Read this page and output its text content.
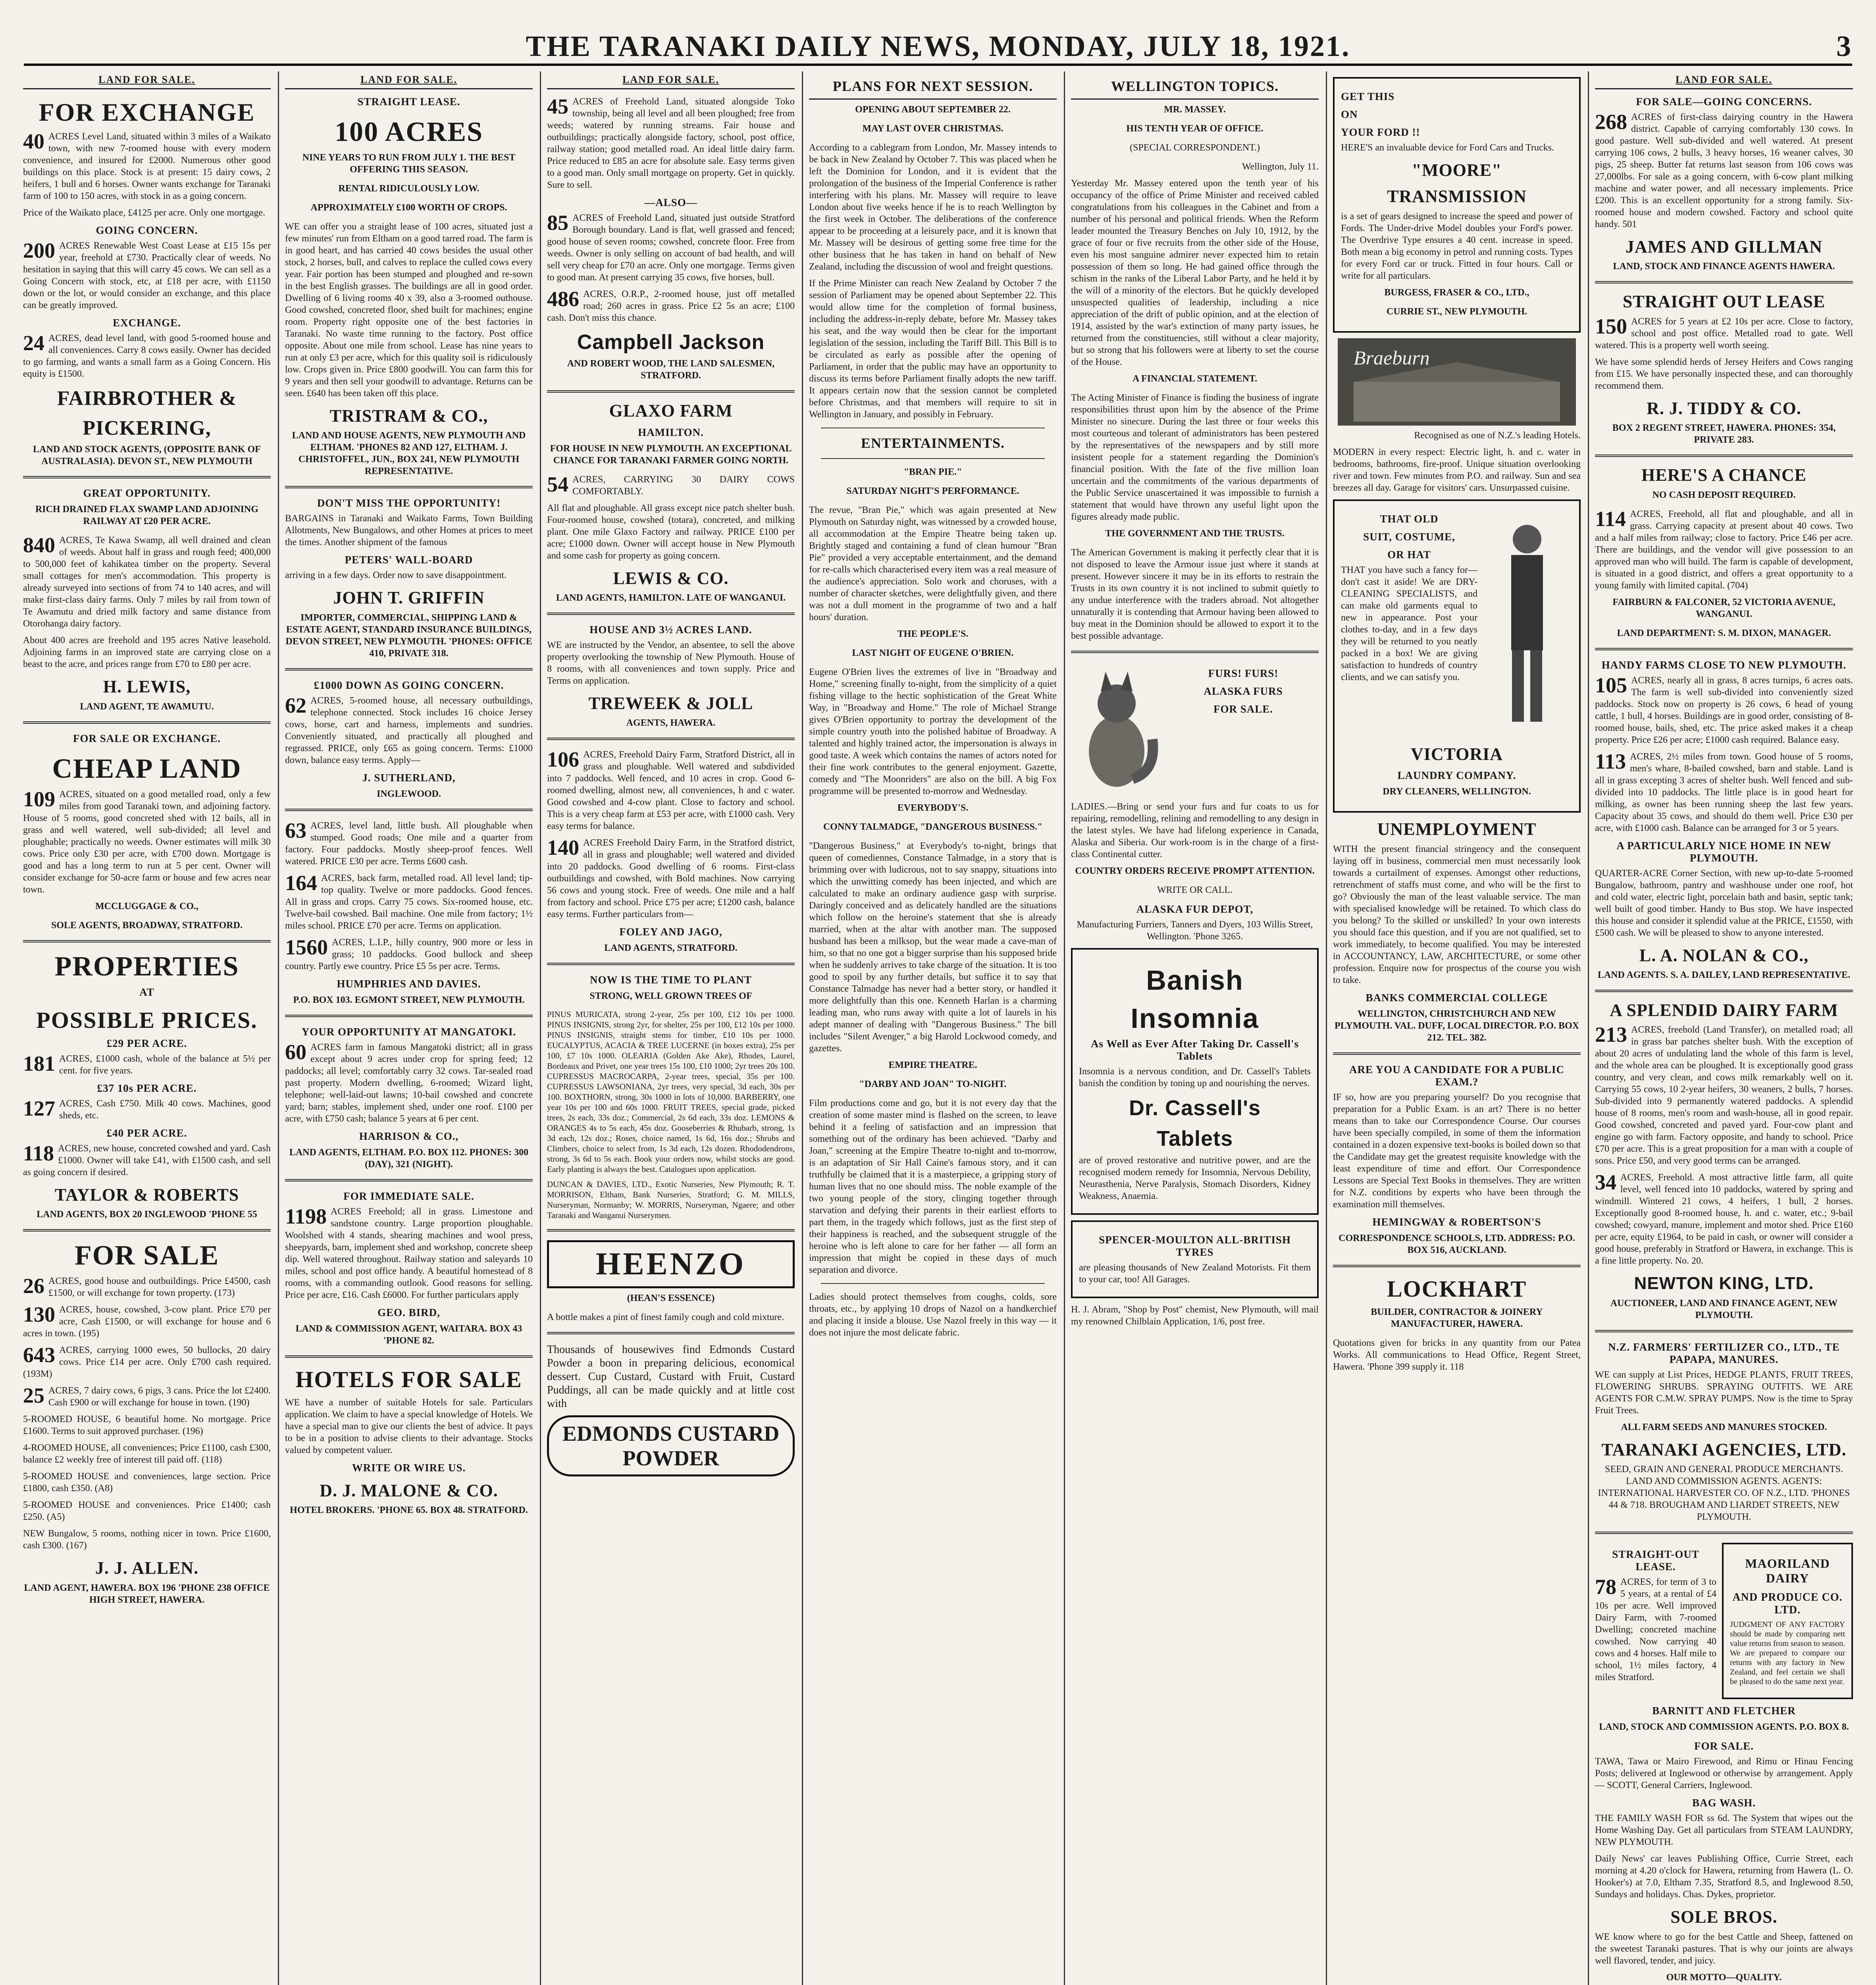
THE TARANAKI DAILY NEWS, MONDAY, JULY 18, 1921.	3
LAND FOR SALE.
FOR EXCHANGE

40 ACRES Level Land, situated within 3 miles of a Waikato town, with new 7-roomed house with every modern convenience, and insured for £2000. Numerous other good buildings on this place. Stock is at present: 15 dairy cows, 2 heifers, 1 bull and 6 horses. Owner wants exchange for Taranaki farm of 100 to 150 acres, with stock in as a going concern.

Price of the Waikato place, £4125 per acre. Only one mortgage.

GOING CONCERN.

200 ACRES Renewable West Coast Lease at £15 15s per year, freehold at £730. Practically clear of weeds. No hesitation in saying that this will carry 45 cows. We can sell as a Going Concern with stock, etc, at £18 per acre, with £1150 down or the lot, or would consider an exchange, and this place can be greatly improved.

EXCHANGE.

24 ACRES, dead level land, with good 5-roomed house and all conveniences. Carry 8 cows easily. Owner has decided to go farming, and wants a small farm as a Going Concern. His equity is £1500.

FAIRBROTHER &
PICKERING,
LAND AND STOCK AGENTS, (OPPOSITE BANK OF AUSTRALASIA). DEVON ST., NEW PLYMOUTH
GREAT OPPORTUNITY.
RICH DRAINED FLAX SWAMP LAND ADJOINING RAILWAY AT £20 PER ACRE.

840 ACRES, Te Kawa Swamp, all well drained and clean of weeds. About half in grass and rough feed; 400,000 to 500,000 feet of kahikatea timber on the property. Several small cottages for men's accommodation. This property is already surveyed into sections of from 74 to 140 acres, and will make first-class dairy farms. Only 7 miles by rail from town of Te Awamutu and dried milk factory and same distance from Otorohanga dairy factory.

About 400 acres are freehold and 195 acres Native leasehold. Adjoining farms in an improved state are carrying close on a beast to the acre, and prices range from £70 to £80 per acre.

H. LEWIS,
LAND AGENT, TE AWAMUTU.
FOR SALE OR EXCHANGE.
CHEAP LAND

109 ACRES, situated on a good metalled road, only a few miles from good Taranaki town, and adjoining factory. House of 5 rooms, good concreted shed with 12 bails, all in grass and well watered, well sub-divided; all level and ploughable; practically no weeds. Owner estimates will milk 30 cows. Price only £30 per acre, with £700 down. Mortgage is good and has a long term to run at 5 per cent. Owner will consider exchange for 50-acre farm or house and few acres near town.

MCCLUGGAGE & CO.,
SOLE AGENTS, BROADWAY, STRATFORD.
PROPERTIES
AT
POSSIBLE PRICES.
£29 PER ACRE.

181 ACRES, £1000 cash, whole of the balance at 5½ per cent. for five years.

£37 10s PER ACRE.

127 ACRES, Cash £750. Milk 40 cows. Machines, good sheds, etc.

£40 PER ACRE.

118 ACRES, new house, concreted cowshed and yard. Cash £1000. Owner will take £41, with £1500 cash, and sell as going concern if desired.

TAYLOR & ROBERTS
LAND AGENTS, BOX 20 INGLEWOOD 'PHONE 55
FOR SALE

26 ACRES, good house and outbuildings. Price £4500, cash £1500, or will exchange for town property. (173)

130 ACRES, house, cowshed, 3-cow plant. Price £70 per acre, Cash £1500, or will exchange for house and 6 acres in town. (195)

643 ACRES, carrying 1000 ewes, 50 bullocks, 20 dairy cows. Price £14 per acre. Only £700 cash required. (193M)

25 ACRES, 7 dairy cows, 6 pigs, 3 cans. Price the lot £2400. Cash £900 or will exchange for house in town. (190)

5-ROOMED HOUSE, 6 beautiful home. No mortgage. Price £1600. Terms to suit approved purchaser. (196)

4-ROOMED HOUSE, all conveniences; Price £1100, cash £300, balance £2 weekly free of interest till paid off. (118)

5-ROOMED HOUSE and conveniences, large section. Price £1800, cash £350. (A8)

5-ROOMED HOUSE and conveniences. Price £1400; cash £250. (A5)

NEW Bungalow, 5 rooms, nothing nicer in town. Price £1600, cash £300. (167)

J. J. ALLEN.
LAND AGENT, HAWERA. BOX 196 'PHONE 238 OFFICE HIGH STREET, HAWERA.
LAND FOR SALE.
STRAIGHT LEASE.
100 ACRES
NINE YEARS TO RUN FROM JULY 1. THE BEST OFFERING THIS SEASON.
RENTAL RIDICULOUSLY LOW.
APPROXIMATELY £100 WORTH OF CROPS.

WE can offer you a straight lease of 100 acres, situated just a few minutes' run from Eltham on a good tarred road. The farm is in good heart, and has carried 40 cows besides the usual other stock, 2 horses, bull, and calves to replace the culled cows every year. Fair portion has been stumped and ploughed and re-sown in the best English grasses. The buildings are all in good order. Dwelling of 6 living rooms 40 x 39, also a 3-roomed outhouse. Good cowshed, concreted floor, shed built for machines; engine room. Property right opposite one of the best factories in Taranaki. No waste time running to the factory. Post office opposite. About one mile from school. Lease has nine years to run at only £3 per acre, which for this quality soil is ridiculously low. Crops given in. Price £800 goodwill. You can farm this for 9 years and then sell your goodwill to advantage. Returns can be seen. £640 has been taken off this place.

TRISTRAM & CO.,
LAND AND HOUSE AGENTS, NEW PLYMOUTH AND ELTHAM. 'PHONES 82 AND 127, ELTHAM. J. CHRISTOFFEL, JUN., BOX 241, NEW PLYMOUTH REPRESENTATIVE.
DON'T MISS THE OPPORTUNITY!

BARGAINS in Taranaki and Waikato Farms, Town Building Allotments, New Bungalows, and other Homes at prices to meet the times. Another shipment of the famous

PETERS' WALL-BOARD

arriving in a few days. Order now to save disappointment.

JOHN T. GRIFFIN
IMPORTER, COMMERCIAL, SHIPPING LAND & ESTATE AGENT, STANDARD INSURANCE BUILDINGS, DEVON STREET, NEW PLYMOUTH. 'PHONES: OFFICE 410, PRIVATE 318.
£1000 DOWN AS GOING CONCERN.

62 ACRES, 5-roomed house, all necessary outbuildings, telephone connected. Stock includes 16 choice Jersey cows, horse, cart and harness, implements and sundries. Conveniently situated, and practically all ploughed and regrassed. PRICE, only £65 as going concern. Terms: £1000 down, balance easy terms. Apply—

J. SUTHERLAND,
INGLEWOOD.

63 ACRES, level land, little bush. All ploughable when stumped. Good roads; One mile and a quarter from factory. Four paddocks. Mostly sheep-proof fences. Well watered. PRICE £30 per acre. Terms £600 cash.

164 ACRES, back farm, metalled road. All level land; tip-top quality. Twelve or more paddocks. Good fences. All in grass and crops. Carry 75 cows. Six-roomed house, etc. Twelve-bail cowshed. Bail machine. One mile from factory; 1½ miles school. PRICE £70 per acre. Terms on application.

1560 ACRES, L.I.P., hilly country, 900 more or less in grass; 10 paddocks. Good bullock and sheep country. Partly ewe country. Price £5 5s per acre. Terms.

HUMPHRIES AND DAVIES.
P.O. BOX 103. EGMONT STREET, NEW PLYMOUTH.
YOUR OPPORTUNITY AT MANGATOKI.

60 ACRES farm in famous Mangatoki district; all in grass except about 9 acres under crop for spring feed; 12 paddocks; all level; comfortably carry 32 cows. Tar-sealed road past property. Modern dwelling, 6-roomed; Wizard light, telephone; well-laid-out lawns; 10-bail cowshed and concrete yard; barn; stables, implement shed, under one roof. £100 per acre, with £750 cash; balance 5 years at 6 per cent.

HARRISON & CO.,
LAND AGENTS, ELTHAM. P.O. BOX 112. PHONES: 300 (DAY), 321 (NIGHT).
FOR IMMEDIATE SALE.

1198 ACRES Freehold; all in grass. Limestone and sandstone country. Large proportion ploughable. Woolshed with 4 stands, shearing machines and wool press, sheepyards, barn, implement shed and workshop, concrete sheep dip. Well watered throughout. Railway station and saleyards 10 miles, school and post office handy. A beautiful homestead of 8 rooms, with a commanding outlook. Good reasons for selling. Price per acre, £16. Cash £6000. For further particulars apply

GEO. BIRD,
LAND & COMMISSION AGENT, WAITARA. BOX 43 'PHONE 82.
HOTELS FOR SALE

WE have a number of suitable Hotels for sale. Particulars application. We claim to have a special knowledge of Hotels. We have a special man to give our clients the best of advice. It pays to be in a position to advise clients to their advantage. Stocks valued by competent valuer.

WRITE OR WIRE US.
D. J. MALONE & CO.
HOTEL BROKERS. 'PHONE 65. BOX 48. STRATFORD.
LAND FOR SALE.

45 ACRES of Freehold Land, situated alongside Toko township, being all level and all been ploughed; free from weeds; watered by running streams. Fair house and outbuildings; practically alongside factory, school, post office, railway station; good metalled road. An ideal little dairy farm. Price reduced to £85 an acre for absolute sale. Easy terms given to a good man. Only small mortgage on property. Get in quickly. Sure to sell.

—ALSO—

85 ACRES of Freehold Land, situated just outside Stratford Borough boundary. Land is flat, well grassed and fenced; good house of seven rooms; cowshed, concrete floor. Free from weeds. Owner is only selling on account of bad health, and will sell very cheap for £70 an acre. Only one mortgage. Terms given to good man. At present carrying 35 cows, five horses, bull.

486 ACRES, O.R.P., 2-roomed house, just off metalled road; 260 acres in grass. Price £2 5s an acre; £100 cash. Don't miss this chance.

Campbell Jackson
AND ROBERT WOOD, THE LAND SALESMEN, STRATFORD.
GLAXO FARM
HAMILTON.
FOR HOUSE IN NEW PLYMOUTH. AN EXCEPTIONAL CHANCE FOR TARANAKI FARMER GOING NORTH.

54 ACRES, CARRYING 30 DAIRY COWS COMFORTABLY.

All flat and ploughable. All grass except nice patch shelter bush. Four-roomed house, cowshed (totara), concreted, and milking plant. One mile Glaxo Factory and railway. PRICE £100 per acre; £1000 down. Owner will accept house in New Plymouth and some cash for property as going concern.

LEWIS & CO.
LAND AGENTS, HAMILTON. LATE OF WANGANUI.
HOUSE AND 3½ ACRES LAND.

WE are instructed by the Vendor, an absentee, to sell the above property overlooking the township of New Plymouth. House of 8 rooms, with all conveniences and town supply. Price and Terms on application.

TREWEEK & JOLL
AGENTS, HAWERA.

106 ACRES, Freehold Dairy Farm, Stratford District, all in grass and ploughable. Well watered and subdivided into 7 paddocks. Well fenced, and 10 acres in crop. Good 6-roomed dwelling, almost new, all conveniences, h and c water. Good cowshed and 4-cow plant. Close to factory and school. This is a very cheap farm at £53 per acre, with £1000 cash. Very easy terms for balance.

140 ACRES Freehold Dairy Farm, in the Stratford district, all in grass and ploughable; well watered and divided into 20 paddocks. Good dwelling of 6 rooms. First-class outbuildings and cowshed, with Bold machines. Now carrying 56 cows and young stock. Free of weeds. One mile and a half from factory and school. Price £75 per acre; £1200 cash, balance easy terms. Further particulars from—

FOLEY AND JAGO,
LAND AGENTS, STRATFORD.
NOW IS THE TIME TO PLANT
STRONG, WELL GROWN TREES OF

PINUS MURICATA, strong 2-year, 25s per 100, £12 10s per 1000. PINUS INSIGNIS, strong 2yr, for shelter, 25s per 100, £12 10s per 1000. PINUS INSIGNIS, straight stems for timber, £10 10s per 1000. EUCALYPTUS, ACACIA & TREE LUCERNE (in boxes extra), 25s per 100, £7 10s 1000. OLEARIA (Golden Ake Ake), Rhodes, Laurel, Bordeaux and Privet, one year trees 15s 100, £10 1000; 2yr trees 20s 100. CUPRESSUS MACROCARPA, 2-year trees, special, 35s per 100. CUPRESSUS LAWSONIANA, 2yr trees, very special, 3d each, 30s per 100. BOXTHORN, strong, 30s 1000 in lots of 10,000. BARBERRY, one year 10s per 100 and 60s 1000. FRUIT TREES, special grade, picked trees, 2s each, 33s doz.; Commercial, 2s 6d each, 33s doz. LEMONS & ORANGES 4s to 5s each, 45s doz. Gooseberries & Rhubarb, strong, 1s 3d each, 12s doz.; Roses, choice named, 1s 6d, 16s doz.; Shrubs and Climbers, choice to select from, 1s 3d each, 12s dozen. Rhododendrons, strong, 3s 6d to 5s each. Book your orders now, whilst stocks are good. Early planting is always the best. Catalogues upon application.

DUNCAN & DAVIES, LTD., Exotic Nurseries, New Plymouth; R. T. MORRISON, Eltham, Bank Nurseries, Stratford; G. M. MILLS, Nurseryman, Normanby; W. MORRIS, Nurseryman, Ngaere; and other Taranaki and Wanganui Nurserymen.

HEENZO
(HEAN'S ESSENCE)

A bottle makes a pint of finest family cough and cold mixture.

Thousands of housewives find Edmonds Custard Powder a boon in preparing delicious, economical dessert. Cup Custard, Custard with Fruit, Custard Puddings, all can be made quickly and at little cost with

EDMONDS CUSTARD POWDER
PLANS FOR NEXT SESSION.
OPENING ABOUT SEPTEMBER 22.
MAY LAST OVER CHRISTMAS.

According to a cablegram from London, Mr. Massey intends to be back in New Zealand by October 7. This was placed when he left the Dominion for London, and it is evident that the prolongation of the business of the Imperial Conference is rather interfering with his plans. Mr. Massey will require to leave London about five weeks hence if he is to reach Wellington by the first week in October. The deliberations of the conference appear to be proceeding at a leisurely pace, and it is known that Mr. Massey will be desirous of getting some free time for the other business that he has taken in hand on behalf of New Zealand, including the discussion of wool and freight questions.

If the Prime Minister can reach New Zealand by October 7 the session of Parliament may be opened about September 22. This would allow time for the completion of formal business, including the address-in-reply debate, before Mr. Massey takes his seat, and the way would then be clear for the important legislation of the session, including the Tariff Bill. This Bill is to be circulated as early as possible after the opening of Parliament, in order that the public may have an opportunity to discuss its terms before Parliament finally adopts the new tariff. It appears certain now that the session cannot be completed before Christmas, and that members will require to sit in Wellington in January, and possibly in February.

ENTERTAINMENTS.
"BRAN PIE."
SATURDAY NIGHT'S PERFORMANCE.

The revue, "Bran Pie," which was again presented at New Plymouth on Saturday night, was witnessed by a crowded house, all accommodation at the Empire Theatre being taken up. Brightly staged and containing a fund of clean humour "Bran Pie" provided a very acceptable entertainment, and the demand for re-calls which characterised every item was a real measure of the audience's appreciation. Solo work and choruses, with a number of character sketches, were delightfully given, and there was not a dull moment in the programme of two and a half hours' duration.

THE PEOPLE'S.
LAST NIGHT OF EUGENE O'BRIEN.

Eugene O'Brien lives the extremes of live in "Broadway and Home," screening finally to-night, from the simplicity of a quiet fishing village to the hectic sophistication of the Great White Way, in "Broadway and Home." The role of Michael Strange gives O'Brien opportunity to portray the development of the simple country youth into the polished habitue of Broadway. A talented and highly trained actor, the impersonation is always in good taste. A week which contains the names of actors noted for their fine work contributes to the general enjoyment. Gazette, comedy and "The Moonriders" are also on the bill. A big Fox programme will be presented to-morrow and Wednesday.

EVERYBODY'S.
CONNY TALMADGE, "DANGEROUS BUSINESS."

"Dangerous Business," at Everybody's to-night, brings that queen of comediennes, Constance Talmadge, in a story that is brimming over with ludicrous, not to say snappy, situations into which the unwitting comedy has been injected, and which are calculated to make an ordinary audience gasp with surprise. Daringly conceived and as delicately handled are the situations which follow on the heroine's statement that she is already married, when at the altar with another man. The supposed husband has been a milksop, but the wear made a cave-man of him, so that no one got a bigger surprise than his supposed bride when he suddenly arrives to take charge of the situation. It is too good to spoil by any further details, but suffice it to say that Constance Talmadge has never had a better story, or handled it more delightfully than this one. Kenneth Harlan is a charming leading man, who runs away with quite a lot of laurels in his adept manner of dealing with "Dangerous Business." The bill includes "Silent Avenger," a big Harold Lockwood comedy, and gazettes.

EMPIRE THEATRE.
"DARBY AND JOAN" TO-NIGHT.

Film productions come and go, but it is not every day that the creation of some master mind is flashed on the screen, to leave behind it a feeling of satisfaction and an impression that something out of the ordinary has been achieved. "Darby and Joan," screening at the Empire Theatre to-night and to-morrow, is an adaptation of Sir Hall Caine's famous story, and it can truthfully be claimed that it is a masterpiece, a gripping story of human lives that no one should miss. The noble example of the two young people of the story, clinging together through starvation and defying their parents in their earliest efforts to part them, in the tragedy which follows, just as the first step of their happiness is reached, and the subsequent struggle of the heroine who is left alone to care for her father — all form an impression that might be copied in these days of much separation and divorce.

Ladies should protect themselves from coughs, colds, sore throats, etc., by applying 10 drops of Nazol on a handkerchief and placing it inside a blouse. Use Nazol freely in this way — it does not injure the most delicate fabric.

WELLINGTON TOPICS.
MR. MASSEY.
HIS TENTH YEAR OF OFFICE.
(SPECIAL CORRESPONDENT.)
Wellington, July 11.

Yesterday Mr. Massey entered upon the tenth year of his occupancy of the office of Prime Minister and received cabled congratulations from his colleagues in the Cabinet and from a number of his personal and political friends. When the Reform leader mounted the Treasury Benches on July 10, 1912, by the grace of four or five recruits from the other side of the House, even his most sanguine admirer never expected him to retain possession of them so long. He had gained office through the schism in the ranks of the Liberal Labor Party, and he held it by the will of a minority of the electors. But he quickly developed unsuspected qualities of leadership, including a nice appreciation of the drift of public opinion, and at the election of 1914, assisted by the war's extinction of many party issues, he returned from the constituencies, still without a clear majority, but so strong that his followers were at liberty to set the course of the House.

A FINANCIAL STATEMENT.

The Acting Minister of Finance is finding the business of ingrate responsibilities thrust upon him by the absence of the Prime Minister no sinecure. During the last three or four weeks this most courteous and tolerant of administrators has been pestered by the representatives of the newspapers and by still more insistent people for a statement regarding the Dominion's financial position. With the fate of the five million loan uncertain and the commitments of the various departments of the Public Service unascertained it was impossible to furnish a statement that would have thrown any useful light upon the figures already made public.

THE GOVERNMENT AND THE TRUSTS.

The American Government is making it perfectly clear that it is not disposed to leave the Armour issue just where it stands at present. However sincere it may be in its efforts to restrain the Trusts in its own country it is not inclined to submit quietly to any undue interference with the traders abroad. Not altogether unnaturally it is contending that Armour having been allowed to buy meat in the Dominion should be allowed to export it to the best possible advantage.

FURS! FURS!
ALASKA FURS
FOR SALE.

LADIES.—Bring or send your furs and fur coats to us for repairing, remodelling, relining and remodelling to any design in the latest styles. We have had lifelong experience in Canada, Alaska and Siberia. Our work-room is in the charge of a first-class Continental cutter.

COUNTRY ORDERS RECEIVE PROMPT ATTENTION.
WRITE OR CALL.
ALASKA FUR DEPOT,
Manufacturing Furriers, Tanners and Dyers, 103 Willis Street, Wellington. 'Phone 3265.
Banish
Insomnia
As Well as Ever After Taking Dr. Cassell's Tablets

Insomnia is a nervous condition, and Dr. Cassell's Tablets banish the condition by toning up and nourishing the nerves.

Dr. Cassell's
Tablets

are of proved restorative and nutritive power, and are the recognised modern remedy for Insomnia, Nervous Debility, Neurasthenia, Nerve Paralysis, Stomach Disorders, Kidney Weakness, Anaemia.

SPENCER-MOULTON ALL-BRITISH TYRES

are pleasing thousands of New Zealand Motorists. Fit them to your car, too! All Garages.

H. J. Abram, "Shop by Post" chemist, New Plymouth, will mail my renowned Chilblain Application, 1/6, post free.

GET THIS
ON
YOUR FORD !!

HERE'S an invaluable device for Ford Cars and Trucks.

"MOORE"
TRANSMISSION

is a set of gears designed to increase the speed and power of Fords. The Under-drive Model doubles your Ford's power. The Overdrive Type ensures a 40 cent. increase in speed. Both mean a big economy in petrol and running costs. Types for every Ford car or truck. Fitted in four hours. Call or write for all particulars.

BURGESS, FRASER & CO., LTD.,
CURRIE ST., NEW PLYMOUTH.
Braeburn

Recognised as one of N.Z.'s leading Hotels.

MODERN in every respect: Electric light, h. and c. water in bedrooms, bathrooms, fire-proof. Unique situation overlooking river and town. Few minutes from P.O. and railway. Sun and sea breezes all day. Garage for visitors' cars. Unsurpassed cuisine.

THAT OLD
SUIT, COSTUME,
OR HAT

THAT you have such a fancy for—don't cast it aside! We are DRY-CLEANING SPECIALISTS, and can make old garments equal to new in appearance. Post your clothes to-day, and in a few days they will be returned to you neatly packed in a box! We are giving satisfaction to hundreds of country clients, and we can satisfy you.

VICTORIA
LAUNDRY COMPANY.
DRY CLEANERS, WELLINGTON.
UNEMPLOYMENT

WITH the present financial stringency and the consequent laying off in business, commercial men must necessarily look towards a curtailment of expenses. Amongst other reductions, retrenchment of staffs must come, and who will be the first to go? Obviously the man of the least valuable service. The man with specialised knowledge will be retained. To which class do you belong? To the skilled or unskilled? In your own interests you should face this question, and if you are not qualified, set to work immediately, to become qualified. You may be interested in ACCOUNTANCY, LAW, ARCHITECTURE, or some other profession. Enquire now for prospectus of the course you wish to take.

BANKS COMMERCIAL COLLEGE
WELLINGTON, CHRISTCHURCH AND NEW PLYMOUTH. VAL. DUFF, LOCAL DIRECTOR. P.O. BOX 212. TEL. 382.
ARE YOU A CANDIDATE FOR A PUBLIC EXAM.?

IF so, how are you preparing yourself? Do you recognise that preparation for a Public Exam. is an art? There is no better means than to take our Correspondence Course. Our courses have been specially compiled, in some of them the information contained in a dozen expensive text-books is boiled down so that the Candidate may get the greatest requisite knowledge with the least expenditure of time and effort. Our Correspondence Lessons are Special Text Books in themselves. They are written for N.Z. conditions by experts who have been through the examination mill themselves.

HEMINGWAY & ROBERTSON'S
CORRESPONDENCE SCHOOLS, LTD. ADDRESS: P.O. BOX 516, AUCKLAND.
LOCKHART
BUILDER, CONTRACTOR & JOINERY MANUFACTURER, HAWERA.

Quotations given for bricks in any quantity from our Patea Works. All communications to Head Office, Regent Street, Hawera. 'Phone 399 supply it. 118

LAND FOR SALE.
FOR SALE—GOING CONCERNS.

268 ACRES of first-class dairying country in the Hawera district. Capable of carrying comfortably 130 cows. In good pasture. Well sub-divided and well watered. At present carrying 106 cows, 2 bulls, 3 heavy horses, 16 weaner calves, 30 pigs, 25 sheep. Butter fat returns last season from 106 cows was 27,000lbs. For sale as a going concern, with 6-cow plant milking machine and water power, and all necessary implements. Price £200. This is an excellent opportunity for a strong family. Six-roomed house and modern cowshed. Factory and school quite handy. 501

JAMES AND GILLMAN
LAND, STOCK AND FINANCE AGENTS HAWERA.
STRAIGHT OUT LEASE

150 ACRES for 5 years at £2 10s per acre. Close to factory, school and post office. Metalled road to gate. Well watered. This is a property well worth seeing.

We have some splendid herds of Jersey Heifers and Cows ranging from £15. We have personally inspected these, and can thoroughly recommend them.

R. J. TIDDY & CO.
BOX 2 REGENT STREET, HAWERA. PHONES: 354, PRIVATE 283.
HERE'S A CHANCE
NO CASH DEPOSIT REQUIRED.

114 ACRES, Freehold, all flat and ploughable, and all in grass. Carrying capacity at present about 40 cows. Two and a half miles from railway; close to factory. Price £46 per acre. There are buildings, and the vendor will give possession to an approved man who will build. The farm is capable of development, is situated in a good district, and offers a great opportunity to a young family with limited capital. (704)

FAIRBURN & FALCONER, 52 VICTORIA AVENUE, WANGANUI.
LAND DEPARTMENT: S. M. DIXON, MANAGER.
HANDY FARMS CLOSE TO NEW PLYMOUTH.

105 ACRES, nearly all in grass, 8 acres turnips, 6 acres oats. The farm is well sub-divided into conveniently sized paddocks. Stock now on property is 26 cows, 6 head of young cattle, 1 bull, 4 horses. Buildings are in good order, consisting of 8-roomed house, bails, shed, etc. The price asked makes it a cheap property. Price £26 per acre; £1000 cash required. Balance easy.

113 ACRES, 2½ miles from town. Good house of 5 rooms, men's whare, 8-bailed cowshed, barn and stable. Land is all in grass excepting 3 acres of shelter bush. Well fenced and sub-divided into 10 paddocks. The little place is in good heart for milking, as owner has been running sheep the last few years. Capacity about 35 cows, and should do them well. Price £30 per acre, with £1000 cash. Balance can be arranged for 3 or 5 years.

A PARTICULARLY NICE HOME IN NEW PLYMOUTH.

QUARTER-ACRE Corner Section, with new up-to-date 5-roomed Bungalow, bathroom, pantry and washhouse under one roof, hot and cold water, electric light, porcelain bath and basin, septic tank; well built of good timber. Handy to Bus stop. We have inspected this house and consider it splendid value at the PRICE, £1550, with £500 cash. We will be pleased to show to anyone interested.

L. A. NOLAN & CO.,
LAND AGENTS. S. A. DAILEY, LAND REPRESENTATIVE.
A SPLENDID DAIRY FARM

213 ACRES, freehold (Land Transfer), on metalled road; all in grass bar patches shelter bush. With the exception of about 20 acres of undulating land the whole of this farm is level, and the whole area can be ploughed. It is exceptionally good grass country, and very clean, and cows milk remarkably well on it. Carrying 55 cows, 10 2-year heifers, 30 weaners, 2 bulls, 7 horses. Sub-divided into 9 permanently watered paddocks. A splendid house of 8 rooms, men's room and wash-house, all in good repair. Good cowshed, concreted and paved yard. Four-cow plant and engine go with farm. Factory opposite, and handy to school. Price £70 per acre. This is a great proposition for a man with a couple of sons. Price £50, and very good terms can be arranged.

34 ACRES, Freehold. A most attractive little farm, all quite level, well fenced into 10 paddocks, watered by spring and windmill. Wintered 21 cows, 4 heifers, 1 bull, 2 horses. Exceptionally good 8-roomed house, h. and c. water, etc.; 9-bail cowshed; cowyard, manure, implement and motor shed. Price £160 per acre, equity £1964, to be paid in cash, or owner will consider a good house, preferably in Stratford or Hawera, in exchange. This is a fine little property. No. 20.

NEWTON KING, LTD.
AUCTIONEER, LAND AND FINANCE AGENT, NEW PLYMOUTH.
N.Z. FARMERS' FERTILIZER CO., LTD., TE PAPAPA, MANURES.

WE can supply at List Prices, HEDGE PLANTS, FRUIT TREES, FLOWERING SHRUBS. SPRAYING OUTFITS. WE ARE AGENTS FOR C.M.W. SPRAY PUMPS. Now is the time to Spray Fruit Trees.

ALL FARM SEEDS AND MANURES STOCKED.
TARANAKI AGENCIES, LTD.
SEED, GRAIN AND GENERAL PRODUCE MERCHANTS. LAND AND COMMISSION AGENTS. AGENTS: INTERNATIONAL HARVESTER CO. OF N.Z., LTD. 'PHONES 44 & 718. BROUGHAM AND LIARDET STREETS, NEW PLYMOUTH.
STRAIGHT-OUT LEASE.

78 ACRES, for term of 3 to 5 years, at a rental of £4 10s per acre. Well improved Dairy Farm, with 7-roomed Dwelling; concreted machine cowshed. Now carrying 40 cows and 4 horses. Half mile to school, 1½ miles factory, 4 miles Stratford.

MAORILAND DAIRY
AND PRODUCE CO. LTD.

JUDGMENT OF ANY FACTORY should be made by comparing nett value returns from season to season. We are prepared to compare our returns with any factory in New Zealand, and feel certain we shall be pleased to do the same next year.

BARNITT AND FLETCHER
LAND, STOCK AND COMMISSION AGENTS. P.O. BOX 8.
FOR SALE.

TAWA, Tawa or Mairo Firewood, and Rimu or Hinau Fencing Posts; delivered at Inglewood or otherwise by arrangement. Apply— SCOTT, General Carriers, Inglewood.

BAG WASH.

THE FAMILY WASH FOR ss 6d. The System that wipes out the Home Washing Day. Get all particulars from STEAM LAUNDRY, NEW PLYMOUTH.

Daily News' car leaves Publishing Office, Currie Street, each morning at 4.20 o'clock for Hawera, returning from Hawera (L. O. Hooker's) at 7.0, Eltham 7.35, Stratford 8.5, and Inglewood 8.50, Sundays and holidays. Chas. Dykes, proprietor.

SOLE BROS.

WE know where to go for the best Cattle and Sheep, fattened on the sweetest Taranaki pastures. That is why our joints are always well flavored, tender, and juicy.

OUR MOTTO—QUALITY.
